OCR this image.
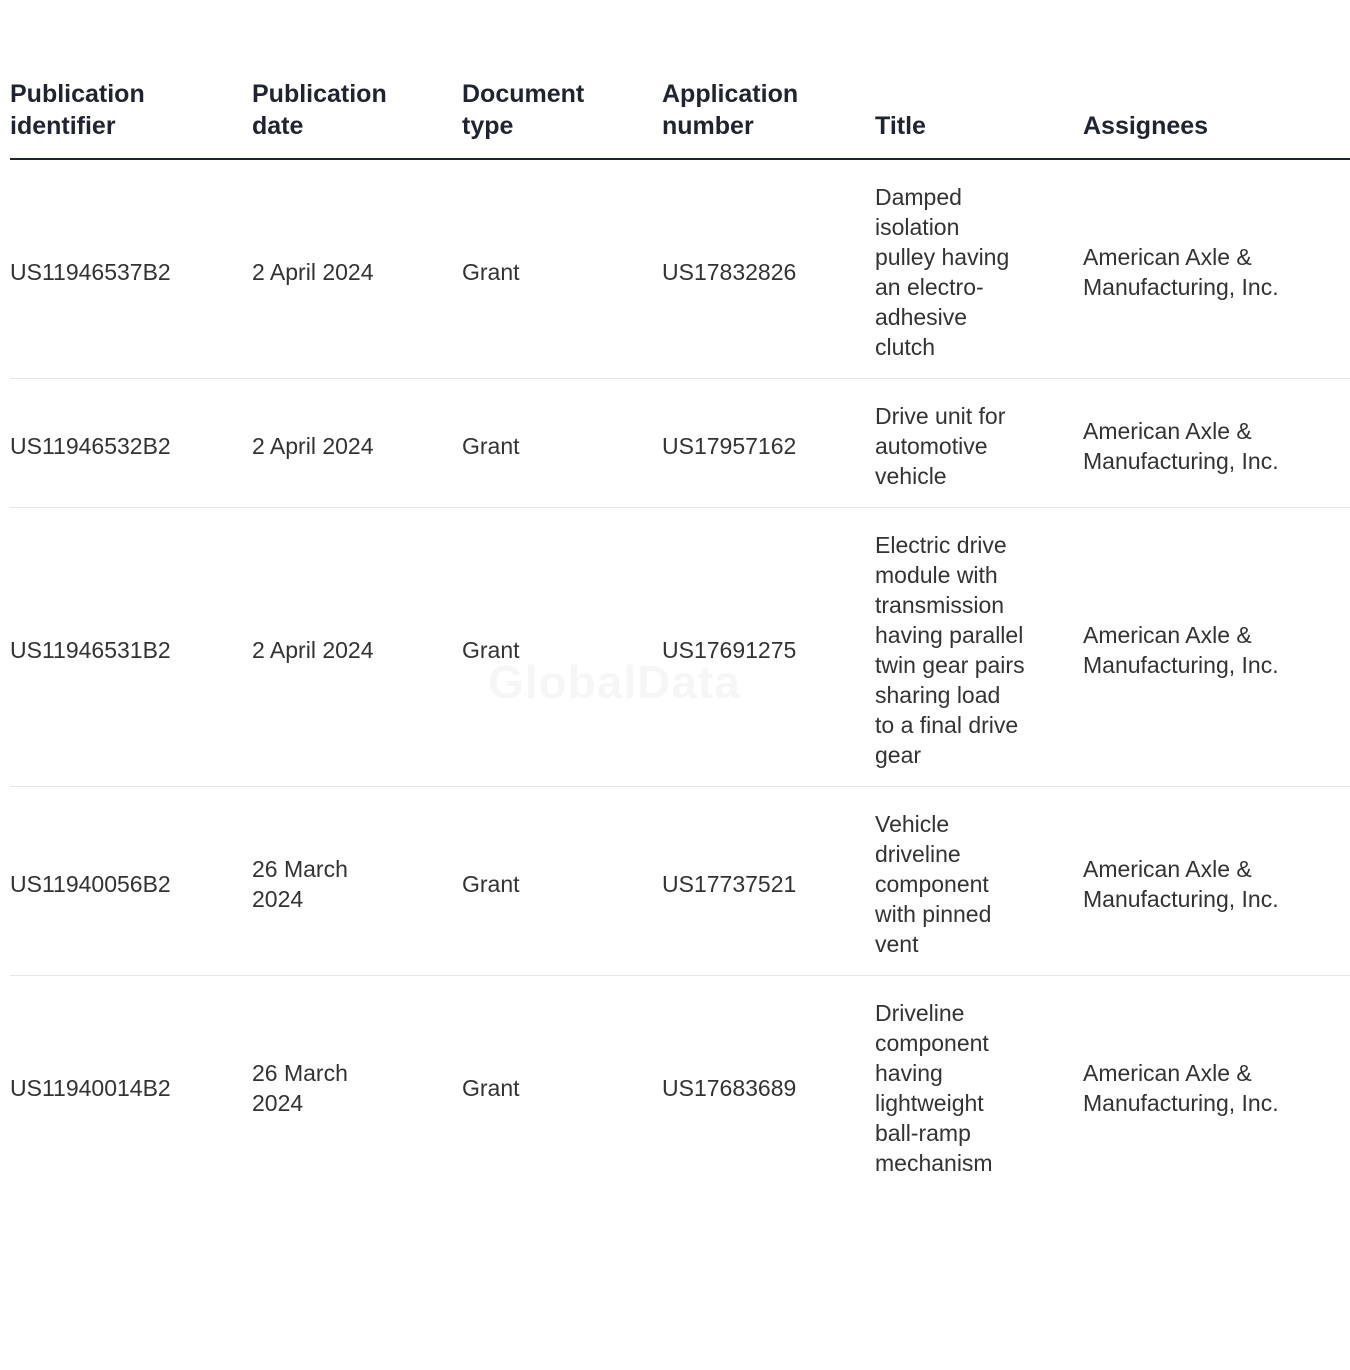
Publication identifier	Publication date	Document type	Application number	Title	Assignees
US11946537B2	2 April 2024	Grant	US17832826	Damped isolation pulley having an electro-adhesive clutch	American Axle & Manufacturing, Inc.

US11946532B2	2 April 2024	Grant	US17957162	Drive unit for automotive vehicle	American Axle & Manufacturing, Inc.

US11946531B2	2 April 2024	Grant	US17691275	Electric drive module with transmission having parallel twin gear pairs sharing load to a final drive gear	American Axle & Manufacturing, Inc.

US11940056B2	26 March 2024	Grant	US17737521	Vehicle driveline component with pinned vent	American Axle & Manufacturing, Inc.

US11940014B2	26 March 2024	Grant	US17683689	Driveline component having lightweight ball-ramp mechanism	American Axle & Manufacturing, Inc.
